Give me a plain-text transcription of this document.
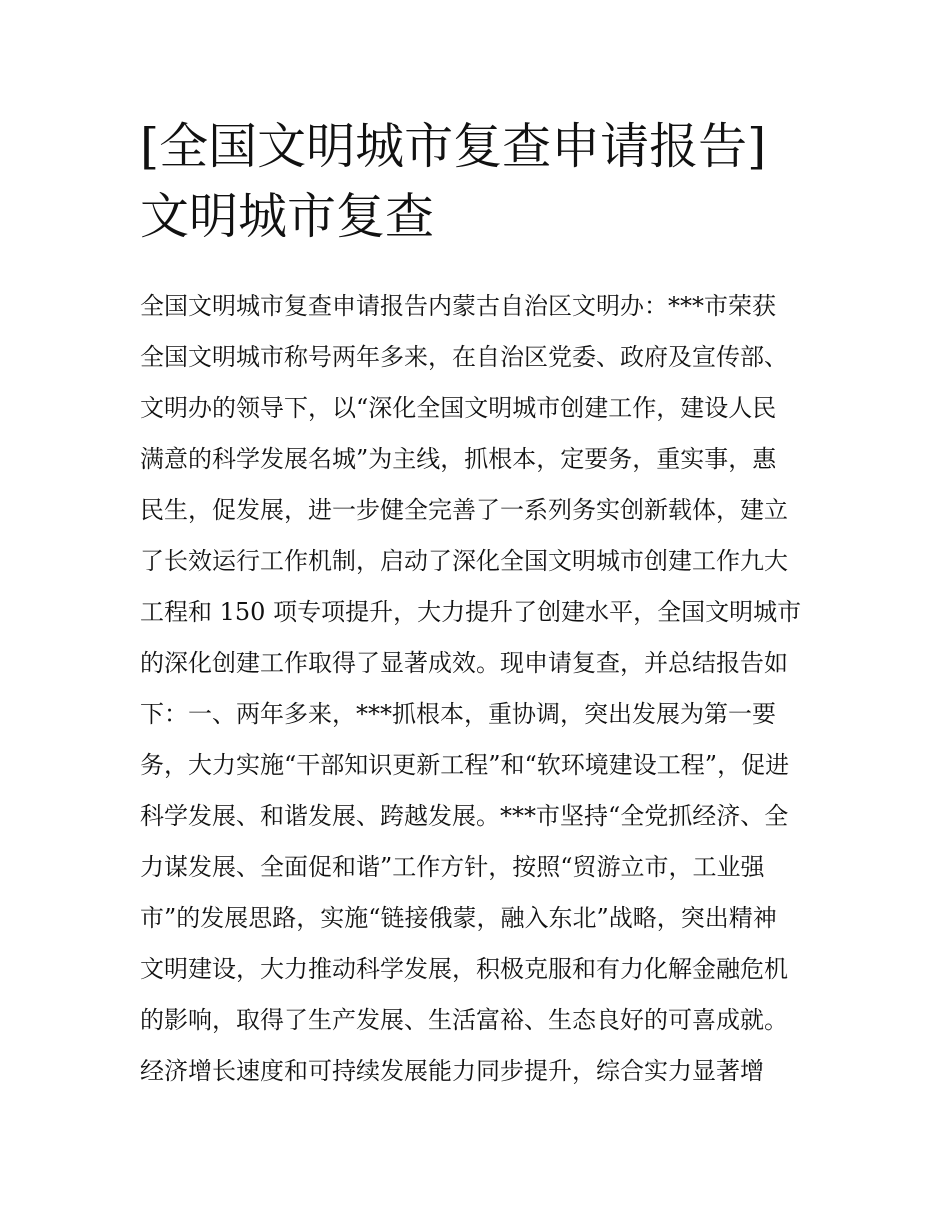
[全国文明城市复查申请报告]
文明城市复查
全国文明城市复查申请报告内蒙古自治区文明办：***市荣获
全国文明城市称号两年多来，在自治区党委、政府及宣传部、
文明办的领导下，以“深化全国文明城市创建工作，建设人民
满意的科学发展名城”为主线，抓根本，定要务，重实事，惠
民生，促发展，进一步健全完善了一系列务实创新载体，建立
了长效运行工作机制，启动了深化全国文明城市创建工作九大
工程和 150 项专项提升，大力提升了创建水平，全国文明城市
的深化创建工作取得了显著成效。现申请复查，并总结报告如
下：一、两年多来，***抓根本，重协调，突出发展为第一要
务，大力实施“干部知识更新工程”和“软环境建设工程”，促进
科学发展、和谐发展、跨越发展。***市坚持“全党抓经济、全
力谋发展、全面促和谐”工作方针，按照“贸游立市，工业强
市”的发展思路，实施“链接俄蒙，融入东北”战略，突出精神
文明建设，大力推动科学发展，积极克服和有力化解金融危机
的影响，取得了生产发展、生活富裕、生态良好的可喜成就。
经济增长速度和可持续发展能力同步提升，综合实力显著增
